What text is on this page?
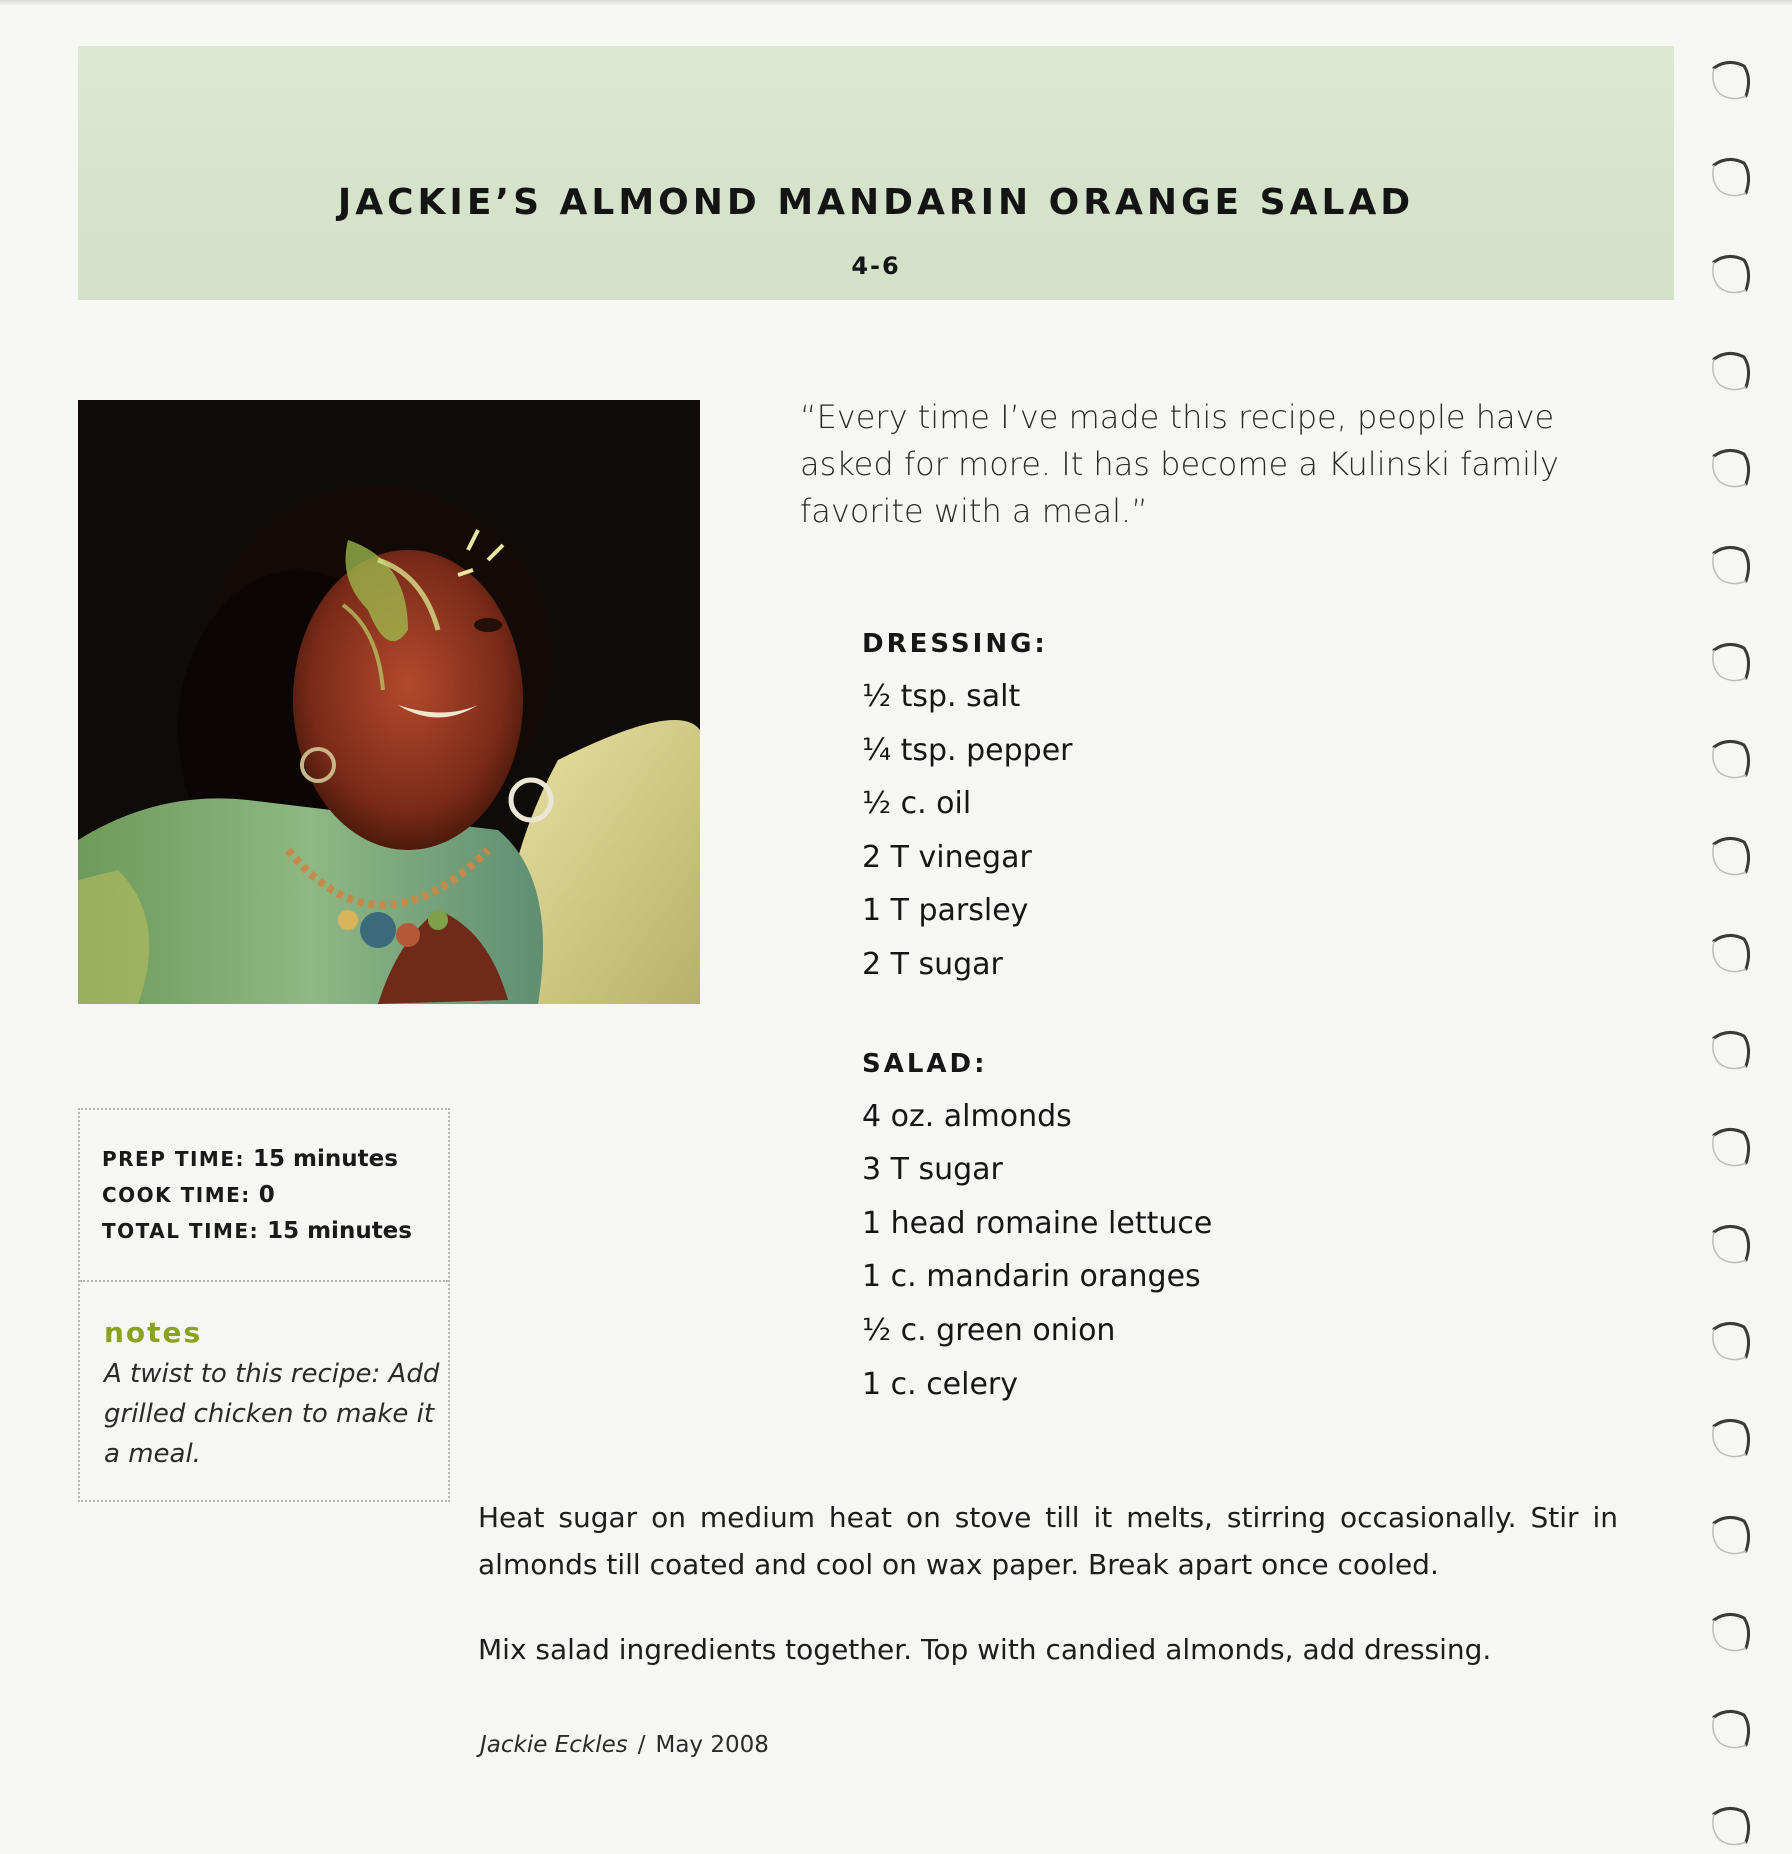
JACKIE’S ALMOND MANDARIN ORANGE SALAD
4-6
“Every time I’ve made this recipe, people have asked for more. It has become a Kulinski family favorite with a meal.”
DRESSING:
½ tsp. salt
¼ tsp. pepper
½ c. oil
2 T vinegar
1 T parsley
2 T sugar
SALAD:
4 oz. almonds
3 T sugar
1 head romaine lettuce
1 c. mandarin oranges
½ c. green onion
1 c. celery
PREP TIME: 15 minutes
COOK TIME: 0
TOTAL TIME: 15 minutes
notes
A twist to this recipe: Add grilled chicken to make it a meal.

Heat sugar on medium heat on stove till it melts, stirring occasionally. Stir in almonds till coated and cool on wax paper. Break apart once cooled.

Mix salad ingredients together. Top with candied almonds, add dressing.

Jackie Eckles / May 2008
